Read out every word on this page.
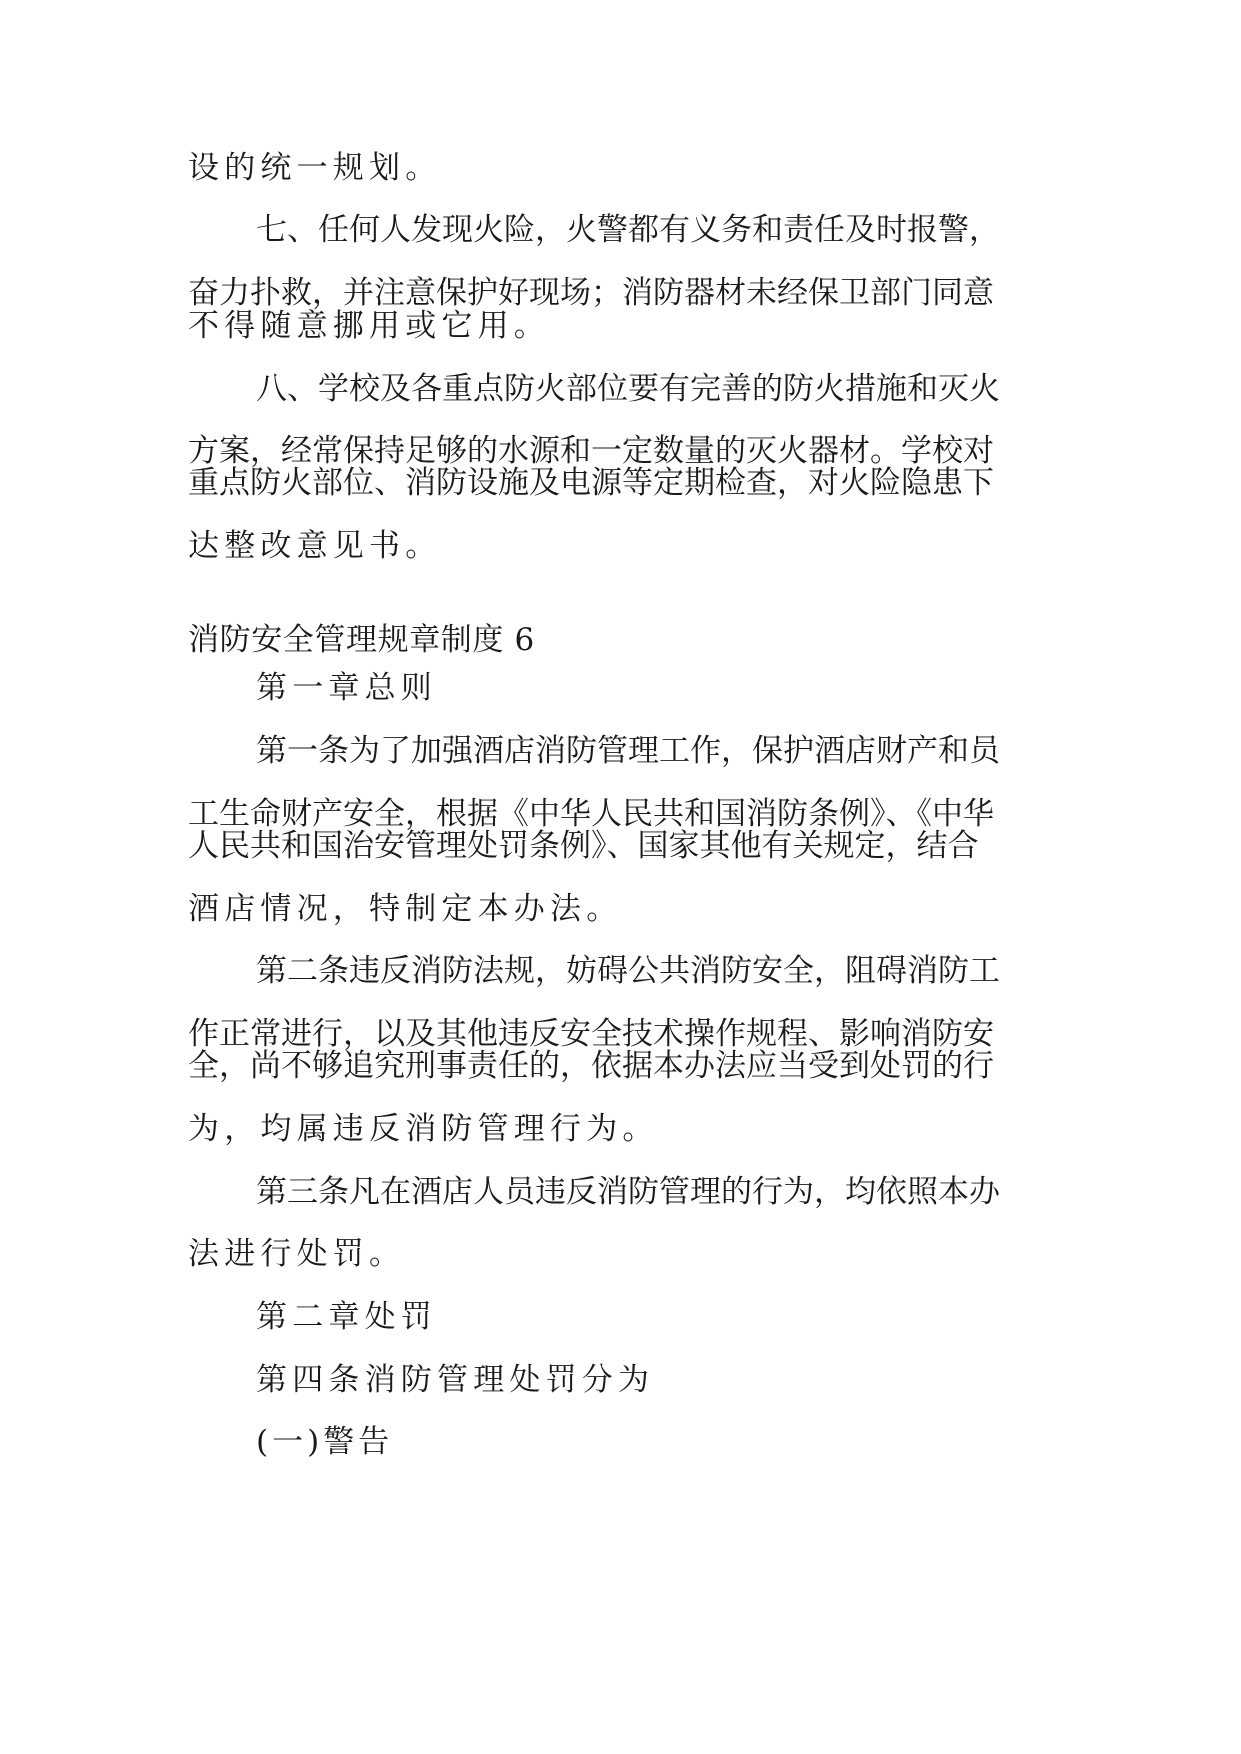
设的统一规划。
七、任何人发现火险，火警都有义务和责任及时报警，
奋力扑救，并注意保护好现场；消防器材未经保卫部门同意
不得随意挪用或它用。
八、学校及各重点防火部位要有完善的防火措施和灭火
方案，经常保持足够的水源和一定数量的灭火器材。学校对
重点防火部位、消防设施及电源等定期检查，对火险隐患下
达整改意见书。
消防安全管理规章制度 6
第一章总则
第一条为了加强酒店消防管理工作，保护酒店财产和员
工生命财产安全，根据《中华人民共和国消防条例》、《中华
人民共和国治安管理处罚条例》、国家其他有关规定，结合
酒店情况，特制定本办法。
第二条违反消防法规，妨碍公共消防安全，阻碍消防工
作正常进行，以及其他违反安全技术操作规程、影响消防安
全，尚不够追究刑事责任的，依据本办法应当受到处罚的行
为，均属违反消防管理行为。
第三条凡在酒店人员违反消防管理的行为，均依照本办
法进行处罚。
第二章处罚
第四条消防管理处罚分为
(一)警告
